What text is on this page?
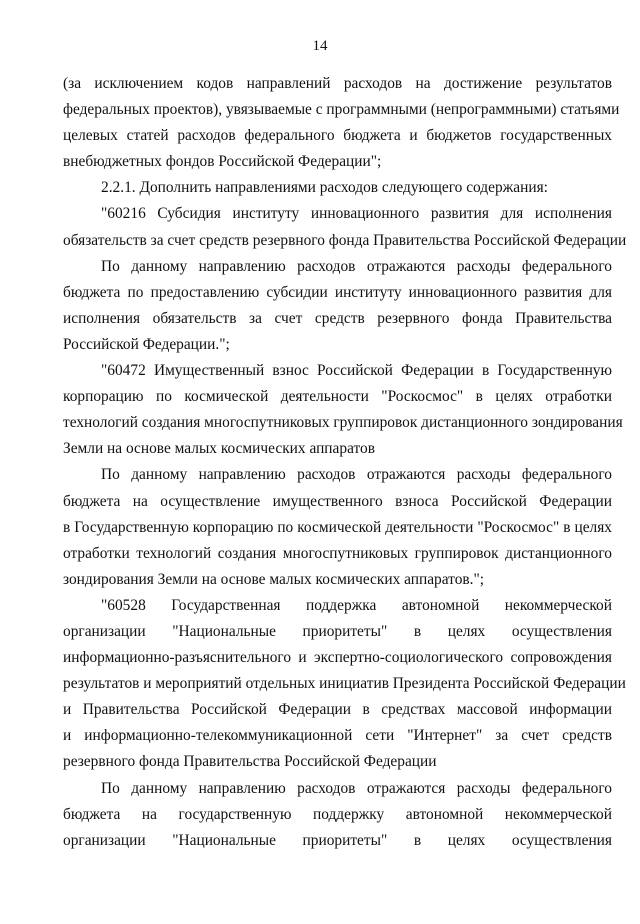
14
(за исключением кодов направлений расходов на достижение результатов
федеральных проектов), увязываемые с программными (непрограммными) статьями
целевых статей расходов федерального бюджета и бюджетов государственных
внебюджетных фондов Российской Федерации";
2.2.1. Дополнить направлениями расходов следующего содержания:
"60216 Субсидия институту инновационного развития для исполнения
обязательств за счет средств резервного фонда Правительства Российской Федерации
По данному направлению расходов отражаются расходы федерального
бюджета по предоставлению субсидии институту инновационного развития для
исполнения обязательств за счет средств резервного фонда Правительства
Российской Федерации.";
"60472 Имущественный взнос Российской Федерации в Государственную
корпорацию по космической деятельности "Роскосмос" в целях отработки
технологий создания многоспутниковых группировок дистанционного зондирования
Земли на основе малых космических аппаратов
По данному направлению расходов отражаются расходы федерального
бюджета на осуществление имущественного взноса Российской Федерации
в Государственную корпорацию по космической деятельности "Роскосмос" в целях
отработки технологий создания многоспутниковых группировок дистанционного
зондирования Земли на основе малых космических аппаратов.";
"60528 Государственная поддержка автономной некоммерческой
организации "Национальные приоритеты" в целях осуществления
информационно-разъяснительного и экспертно-социологического сопровождения
результатов и мероприятий отдельных инициатив Президента Российской Федерации
и Правительства Российской Федерации в средствах массовой информации
и информационно-телекоммуникационной сети "Интернет" за счет средств
резервного фонда Правительства Российской Федерации
По данному направлению расходов отражаются расходы федерального
бюджета на государственную поддержку автономной некоммерческой
организации "Национальные приоритеты" в целях осуществления
